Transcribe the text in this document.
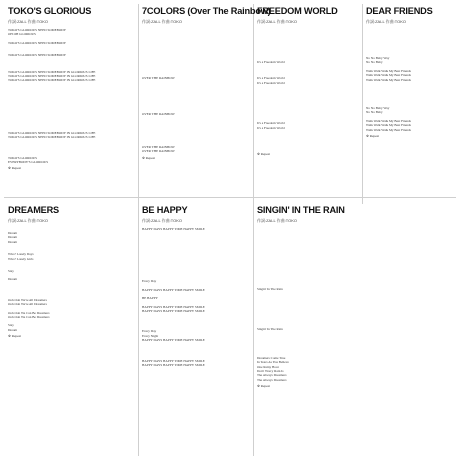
TOKO'S GLORIOUS
作詞:ZALL 作曲:TOKO
TOKO'S GLORIOUS NEED SOMEBODY
OH OH GLORIOUS
TOKO'S GLORIOUS NEED SOMEBODY
TOKO'S GLORIOUS NEED SOMEBODY
TOKO'S GLORIOUS NEED SOMEBODY IN GLORIOUS LIFE
TOKO'S GLORIOUS NEED SOMEBODY IN GLORIOUS LIFE
TOKO'S GLORIOUS NEED SOMEBODY IN GLORIOUS LIFE
TOKO'S GLORIOUS NEED SOMEBODY IN GLORIOUS LIFE
TOKO'S GLORIOUS NEED SOMEBODY IN GLORIOUS LIFE
TOKO'S GLORIOUS
EVERYBODY'S GLORIOUS
※ Repeat
7COLORS (Over The Rainbow)
作詞:ZALL 作曲:TOKO
OVER THE RAINBOW
OVER THE RAINBOW
OVER THE RAINBOW
OVER THE RAINBOW
※ Repeat
FREEDOM WORLD
作詞:ZALL 作曲:TOKO
It's a Freedom World
It's a Freedom World
It's a Freedom World
It's a Freedom World
It's a Freedom World
※ Repeat
DEAR FRIENDS
作詞:ZALL 作曲:TOKO
No No Baby Way
No No Baby
Walk Walk Walk My Best Friends
Walk Walk Walk My Best Friends
Walk Walk Walk My Best Friends
No No Baby Way
No No Baby
Walk Walk Walk My Best Friends
Walk Walk Walk My Best Friends
Walk Walk Walk My Best Friends
※ Repeat
DREAMERS
作詞:ZALL 作曲:TOKO
Dream
Dream
Dream
Who? Lonely Days
Who? Lonely Girls
Stay
Dream
Ooh Ooh We're All Dreamers
Ooh Ooh We're All Dreamers
Ooh Ooh We Can Be Dreamers
Ooh Ooh We Can Be Dreamers
Stay
Dream
※ Repeat
BE HAPPY
作詞:ZALL 作曲:TOKO
HAPPY DAYS HAPPY TIME HAPPY SMILE
Every Day
HAPPY DAYS HAPPY TIME HAPPY SMILE
BE HAPPY
HAPPY DAYS HAPPY TIME HAPPY SMILE
HAPPY DAYS HAPPY TIME HAPPY SMILE
Every Day
Every Night
HAPPY DAYS HAPPY TIME HAPPY SMILE
HAPPY DAYS HAPPY TIME HAPPY SMILE
HAPPY DAYS HAPPY TIME HAPPY SMILE
SINGIN' IN THE RAIN
作詞:ZALL 作曲:TOKO
Singin' In The Rain
Singin' In The Rain
Dreamers Come True
In Tears As You Believe
One Rainy Hour
Don't Worry Rain Is
The Always Dreamers
The Always Dreamers
※ Repeat
